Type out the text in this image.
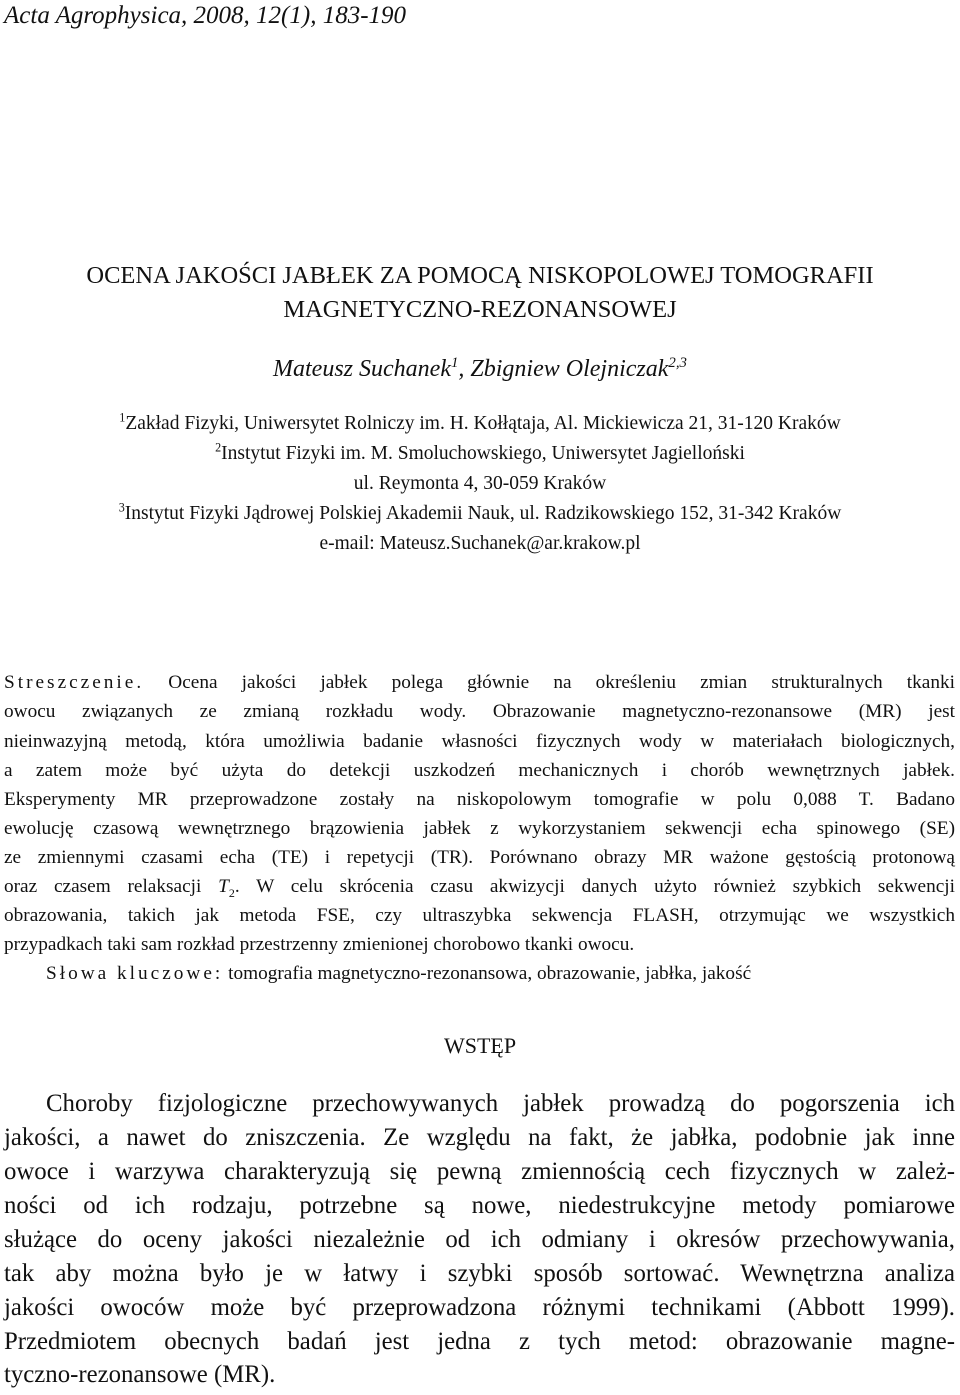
Acta Agrophysica, 2008, 12(1), 183-190
OCENA JAKOŚCI JABŁEK ZA POMOCĄ NISKOPOLOWEJ TOMOGRAFII
MAGNETYCZNO-REZONANSOWEJ
Mateusz Suchanek$^1$, Zbigniew Olejniczak$^{2,3}$
$^1$Zakład Fizyki, Uniwersytet Rolniczy im. H. Kołłątaja, Al. Mickiewicza 21, 31-120 Kraków
$^2$Instytut Fizyki im. M. Smoluchowskiego, Uniwersytet Jagielloński
ul. Reymonta 4, 30-059 Kraków
$^3$Instytut Fizyki Jądrowej Polskiej Akademii Nauk, ul. Radzikowskiego 152, 31-342 Kraków
e-mail: Mateusz.Suchanek@ar.krakow.pl
Streszczenie. Ocena jakości jabłek polega głównie na określeniu zmian strukturalnych tkanki
owocu związanych ze zmianą rozkładu wody. Obrazowanie magnetyczno-rezonansowe (MR) jest
nieinwazyjną metodą, która umożliwia badanie własności fizycznych wody w materiałach biologicznych,
a zatem może być użyta do detekcji uszkodzeń mechanicznych i chorób wewnętrznych jabłek.
Eksperymenty MR przeprowadzone zostały na niskopolowym tomografie w polu 0,088 T. Badano
ewolucję czasową wewnętrznego brązowienia jabłek z wykorzystaniem sekwencji echa spinowego (SE)
ze zmiennymi czasami echa (TE) i repetycji (TR). Porównano obrazy MR ważone gęstością protonową
oraz czasem relaksacji $T_2$. W celu skrócenia czasu akwizycji danych użyto również szybkich sekwencji
obrazowania, takich jak metoda FSE, czy ultraszybka sekwencja FLASH, otrzymując we wszystkich
przypadkach taki sam rozkład przestrzenny zmienionej chorobowo tkanki owocu.
Słowa kluczowe: tomografia magnetyczno-rezonansowa, obrazowanie, jabłka, jakość
WSTĘP
Choroby fizjologiczne przechowywanych jabłek prowadzą do pogorszenia ich
jakości, a nawet do zniszczenia. Ze względu na fakt, że jabłka, podobnie jak inne
owoce i warzywa charakteryzują się pewną zmiennością cech fizycznych w zależ-
ności od ich rodzaju, potrzebne są nowe, niedestrukcyjne metody pomiarowe
służące do oceny jakości niezależnie od ich odmiany i okresów przechowywania,
tak aby można było je w łatwy i szybki sposób sortować. Wewnętrzna analiza
jakości owoców może być przeprowadzona różnymi technikami (Abbott 1999).
Przedmiotem obecnych badań jest jedna z tych metod: obrazowanie magne-
tyczno-rezonansowe (MR).
